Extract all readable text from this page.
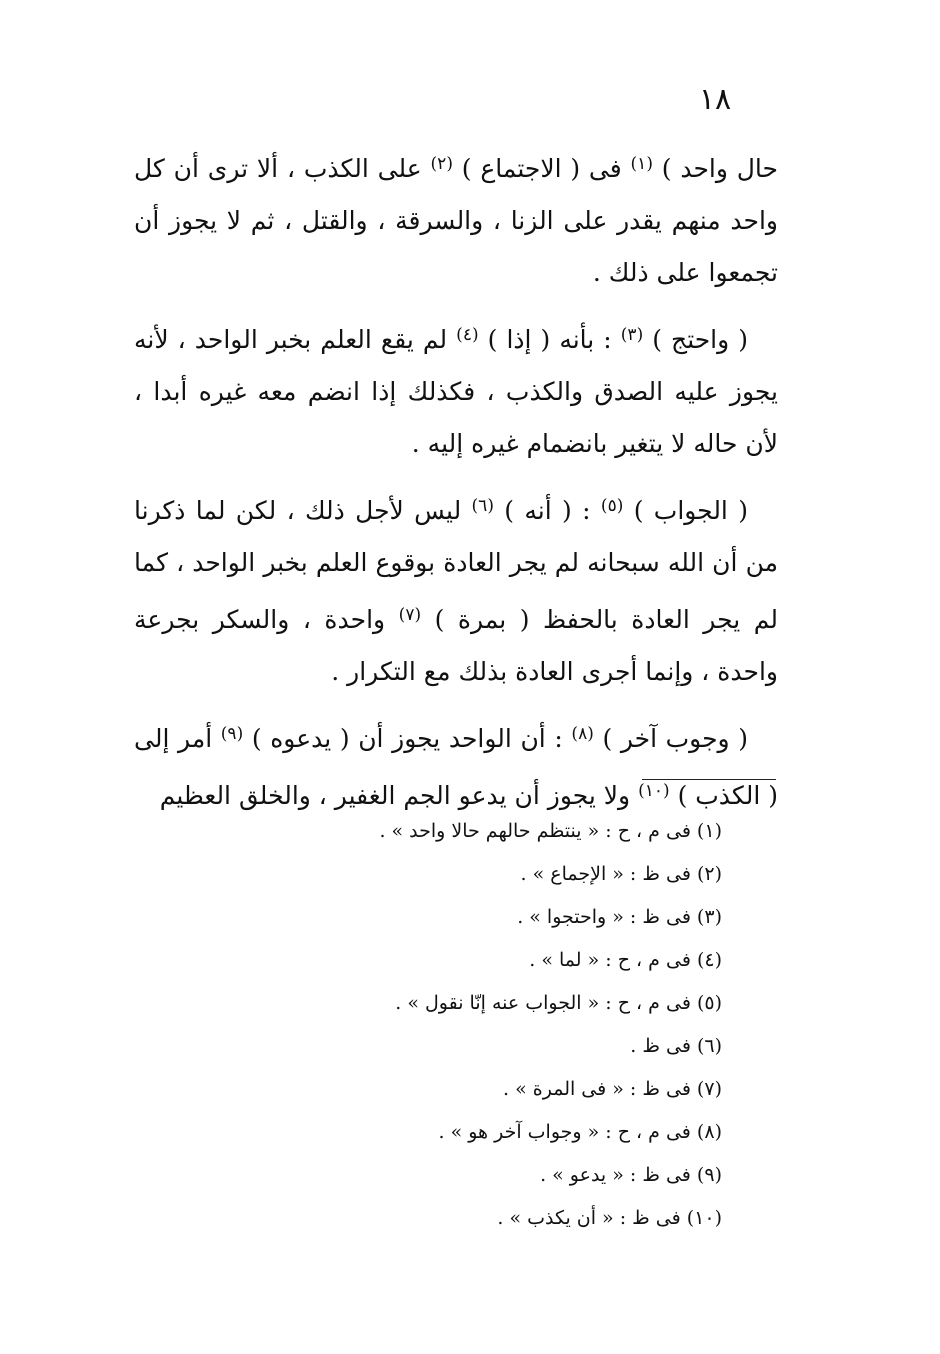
١٨

حال واحد ) $^{(١)}$ فى ( الاجتماع ) $^{(٢)}$ على الكذب ، ألا ترى أن كل واحد منهم يقدر على الزنا ، والسرقة ، والقتل ، ثم لا يجوز أن تجمعوا على ذلك .

( واحتج ) $^{(٣)}$ : بأنه ( إذا ) $^{(٤)}$ لم يقع العلم بخبر الواحد ، لأنه يجوز عليه الصدق والكذب ، فكذلك إذا انضم معه غيره أبدا ، لأن حاله لا يتغير بانضمام غيره إليه .

( الجواب ) $^{(٥)}$ : ( أنه ) $^{(٦)}$ ليس لأجل ذلك ، لكن لما ذكرنا من أن الله سبحانه لم يجر العادة بوقوع العلم بخبر الواحد ، كما لم يجر العادة بالحفظ ( بمرة ) $^{(٧)}$ واحدة ، والسكر بجرعة واحدة ، وإنما أجرى العادة بذلك مع التكرار .

( وجوب آخر ) $^{(٨)}$ : أن الواحد يجوز أن ( يدعوه ) $^{(٩)}$ أمر إلى ( الكذب ) $^{(١٠)}$ ولا يجوز أن يدعو الجم الغفير ، والخلق العظيم

(١) فى م ، ح : « ينتظم حالهم حالا واحد » .

(٢) فى ظ : « الإجماع » .

(٣) فى ظ : « واحتجوا » .

(٤) فى م ، ح : « لما » .

(٥) فى م ، ح : « الجواب عنه إنّا نقول » .

(٦) فى ظ .

(٧) فى ظ : « فى المرة » .

(٨) فى م ، ح : « وجواب آخر هو » .

(٩) فى ظ : « يدعو » .

(١٠) فى ظ : « أن يكذب » .
